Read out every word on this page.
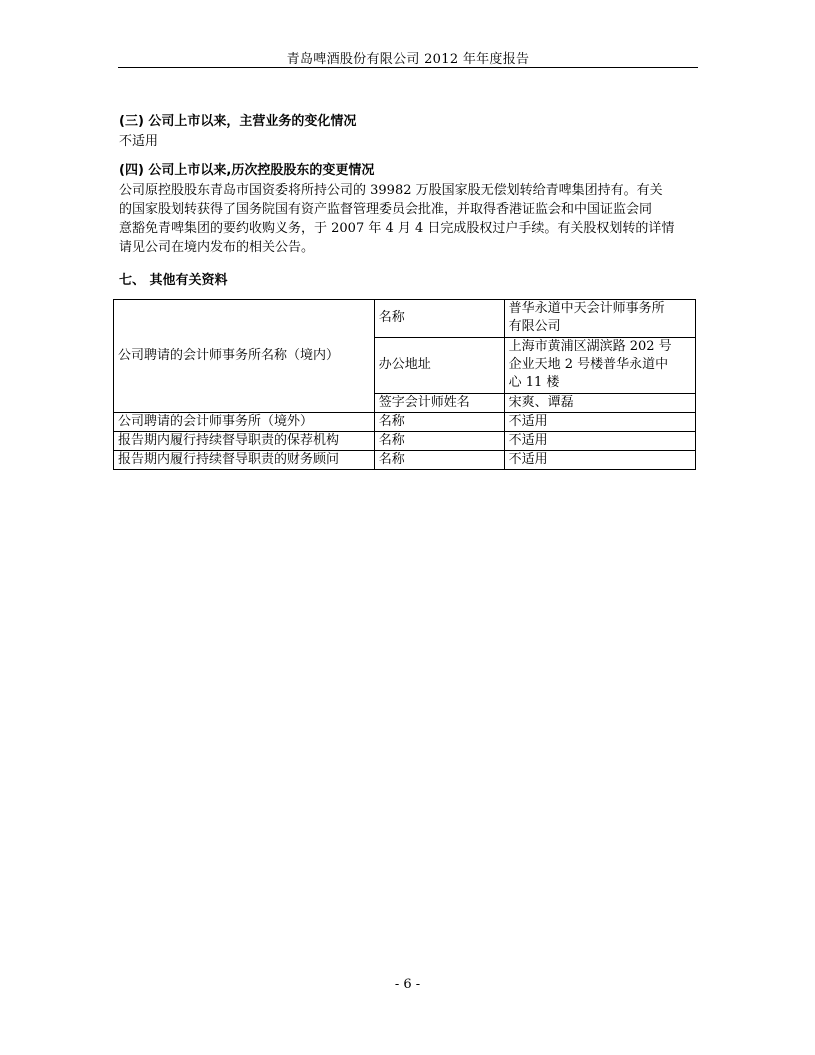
青岛啤酒股份有限公司 2012 年年度报告
(三) 公司上市以来，主营业务的变化情况
不适用
(四) 公司上市以来,历次控股股东的变更情况
公司原控股股东青岛市国资委将所持公司的 39982 万股国家股无偿划转给青啤集团持有。有关
的国家股划转获得了国务院国有资产监督管理委员会批准，并取得香港证监会和中国证监会同
意豁免青啤集团的要约收购义务，于 2007 年 4 月 4 日完成股权过户手续。有关股权划转的详情
请见公司在境内发布的相关公告。
七、 其他有关资料
公司聘请的会计师事务所名称（境内）	名称	普华永道中天会计师事务所
有限公司

	办公地址	上海市黄浦区湖滨路 202 号
企业天地 2 号楼普华永道中
心 11 楼

	签字会计师姓名	宋爽、谭磊
公司聘请的会计师事务所（境外）	名称	不适用
报告期内履行持续督导职责的保荐机构	名称	不适用
报告期内履行持续督导职责的财务顾问	名称	不适用
- 6 -
